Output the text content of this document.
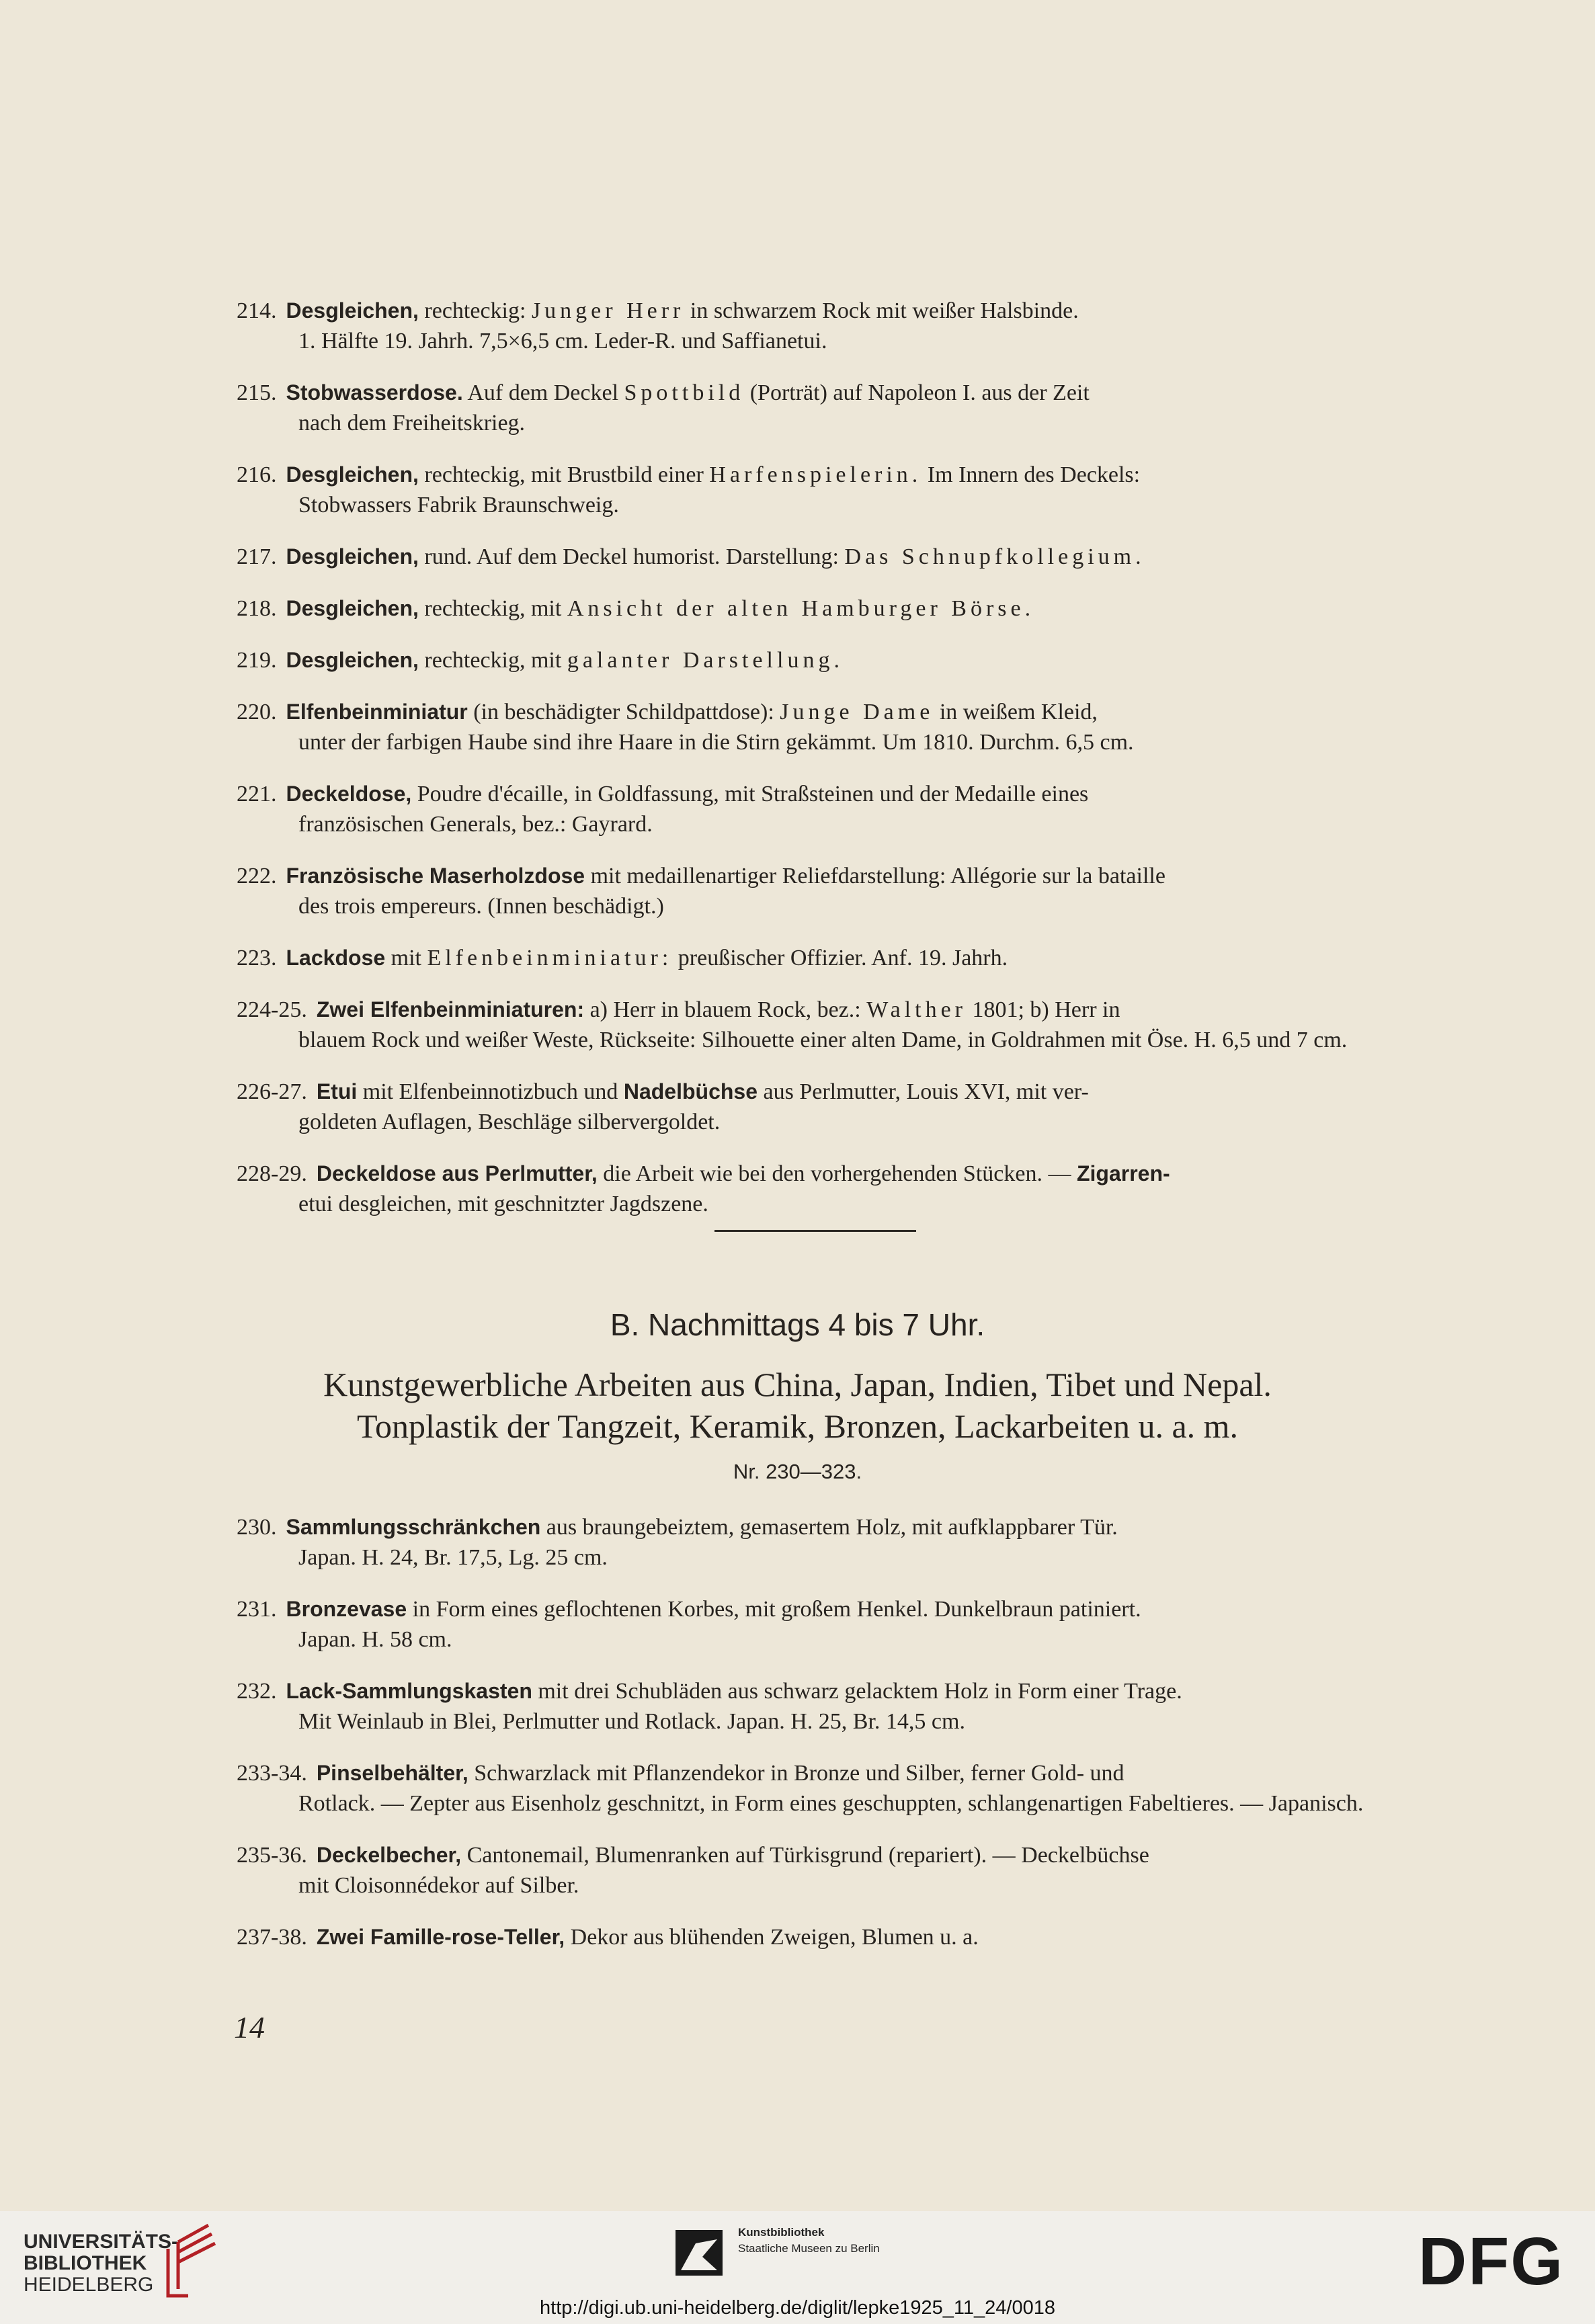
214. Desgleichen, rechteckig: Junger Herr in schwarzem Rock mit weißer Halsbinde.
1. Hälfte 19. Jahrh. 7,5×6,5 cm. Leder-R. und Saffianetui.
215. Stobwasserdose. Auf dem Deckel Spottbild (Porträt) auf Napoleon I. aus der Zeit
nach dem Freiheitskrieg.
216. Desgleichen, rechteckig, mit Brustbild einer Harfenspielerin. Im Innern des Deckels:
Stobwassers Fabrik Braunschweig.
217. Desgleichen, rund. Auf dem Deckel humorist. Darstellung: Das Schnupfkollegium.
218. Desgleichen, rechteckig, mit Ansicht der alten Hamburger Börse.
219. Desgleichen, rechteckig, mit galanter Darstellung.
220. Elfenbeinminiatur (in beschädigter Schildpattdose): Junge Dame in weißem Kleid,
unter der farbigen Haube sind ihre Haare in die Stirn gekämmt. Um 1810. Durchm. 6,5 cm.
221. Deckeldose, Poudre d'écaille, in Goldfassung, mit Straßsteinen und der Medaille eines
französischen Generals, bez.: Gayrard.
222. Französische Maserholzdose mit medaillenartiger Reliefdarstellung: Allégorie sur la bataille
des trois empereurs. (Innen beschädigt.)
223. Lackdose mit Elfenbeinminiatur: preußischer Offizier. Anf. 19. Jahrh.
224-25. Zwei Elfenbeinminiaturen: a) Herr in blauem Rock, bez.: Walther 1801; b) Herr in
blauem Rock und weißer Weste, Rückseite: Silhouette einer alten Dame, in Goldrahmen mit Öse. H. 6,5 und 7 cm.
226-27. Etui mit Elfenbeinnotizbuch und Nadelbüchse aus Perlmutter, Louis XVI, mit ver-
goldeten Auflagen, Beschläge silbervergoldet.
228-29. Deckeldose aus Perlmutter, die Arbeit wie bei den vorhergehenden Stücken. — Zigarren-
etui desgleichen, mit geschnitzter Jagdszene.
B. Nachmittags 4 bis 7 Uhr.
Kunstgewerbliche Arbeiten aus China, Japan, Indien, Tibet und Nepal.
Tonplastik der Tangzeit, Keramik, Bronzen, Lackarbeiten u. a. m.
Nr. 230—323.
230. Sammlungsschränkchen aus braungebeiztem, gemasertem Holz, mit aufklappbarer Tür.
Japan. H. 24, Br. 17,5, Lg. 25 cm.
231. Bronzevase in Form eines geflochtenen Korbes, mit großem Henkel. Dunkelbraun patiniert.
Japan. H. 58 cm.
232. Lack-Sammlungskasten mit drei Schubläden aus schwarz gelacktem Holz in Form einer Trage.
Mit Weinlaub in Blei, Perlmutter und Rotlack. Japan. H. 25, Br. 14,5 cm.
233-34. Pinselbehälter, Schwarzlack mit Pflanzendekor in Bronze und Silber, ferner Gold- und
Rotlack. — Zepter aus Eisenholz geschnitzt, in Form eines geschuppten, schlangenartigen Fabeltieres. — Japanisch.
235-36. Deckelbecher, Cantonemail, Blumenranken auf Türkisgrund (repariert). — Deckelbüchse
mit Cloisonnédekor auf Silber.
237-38. Zwei Famille-rose-Teller, Dekor aus blühenden Zweigen, Blumen u. a.
14
UNIVERSITÄTS-
BIBLIOTHEK
HEIDELBERG
Kunstbibliothek
Staatliche Museen zu Berlin	DFG
http://digi.ub.uni-heidelberg.de/diglit/lepke1925_11_24/0018
